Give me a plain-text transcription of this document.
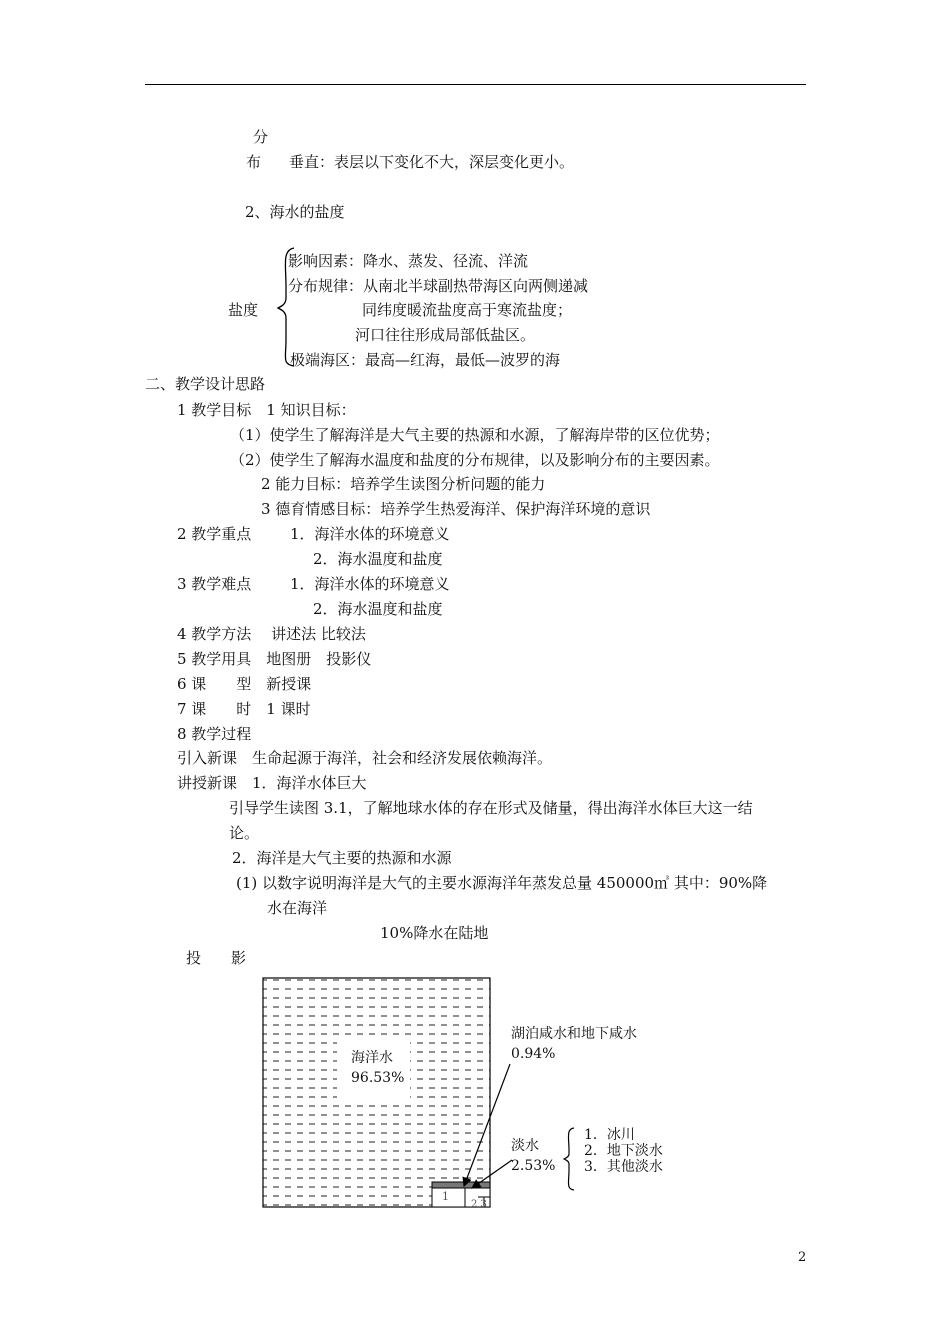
分
布 垂直：表层以下变化不大，深层变化更小。
2、海水的盐度
盐度
影响因素：降水、蒸发、径流、洋流
分布规律：从南北半球副热带海区向两侧递减
同纬度暖流盐度高于寒流盐度；
河口往往形成局部低盐区。
极端海区：最高—红海，最低—波罗的海
二、教学设计思路
1 教学目标　1 知识目标：
（1）使学生了解海洋是大气主要的热源和水源，了解海岸带的区位优势；
（2）使学生了解海水温度和盐度的分布规律，以及影响分布的主要因素。
2 能力目标：培养学生读图分析问题的能力
3 德育情感目标：培养学生热爱海洋、保护海洋环境的意识
2 教学重点	1．海洋水体的环境意义
2．海水温度和盐度
3 教学难点	1．海洋水体的环境意义
2．海水温度和盐度
4 教学方法　 讲述法 比较法
5 教学用具　地图册　投影仪
6 课　　型　新授课
7 课　　时　1 课时
8 教学过程
引入新课　生命起源于海洋，社会和经济发展依赖海洋。
讲授新课　1．海洋水体巨大
引导学生读图 3.1，了解地球水体的存在形式及储量，得出海洋水体巨大这一结
论。
2．海洋是大气主要的热源和水源
(1) 以数字说明海洋是大气的主要水源海洋年蒸发总量 450000㎥ 其中：90%降
水在海洋
10%降水在陆地
投　　影
海洋水
96.53%
1
2 3
湖泊咸水和地下咸水
0.94%
淡水
2.53%
1．冰川
2．地下淡水
3．其他淡水
2
